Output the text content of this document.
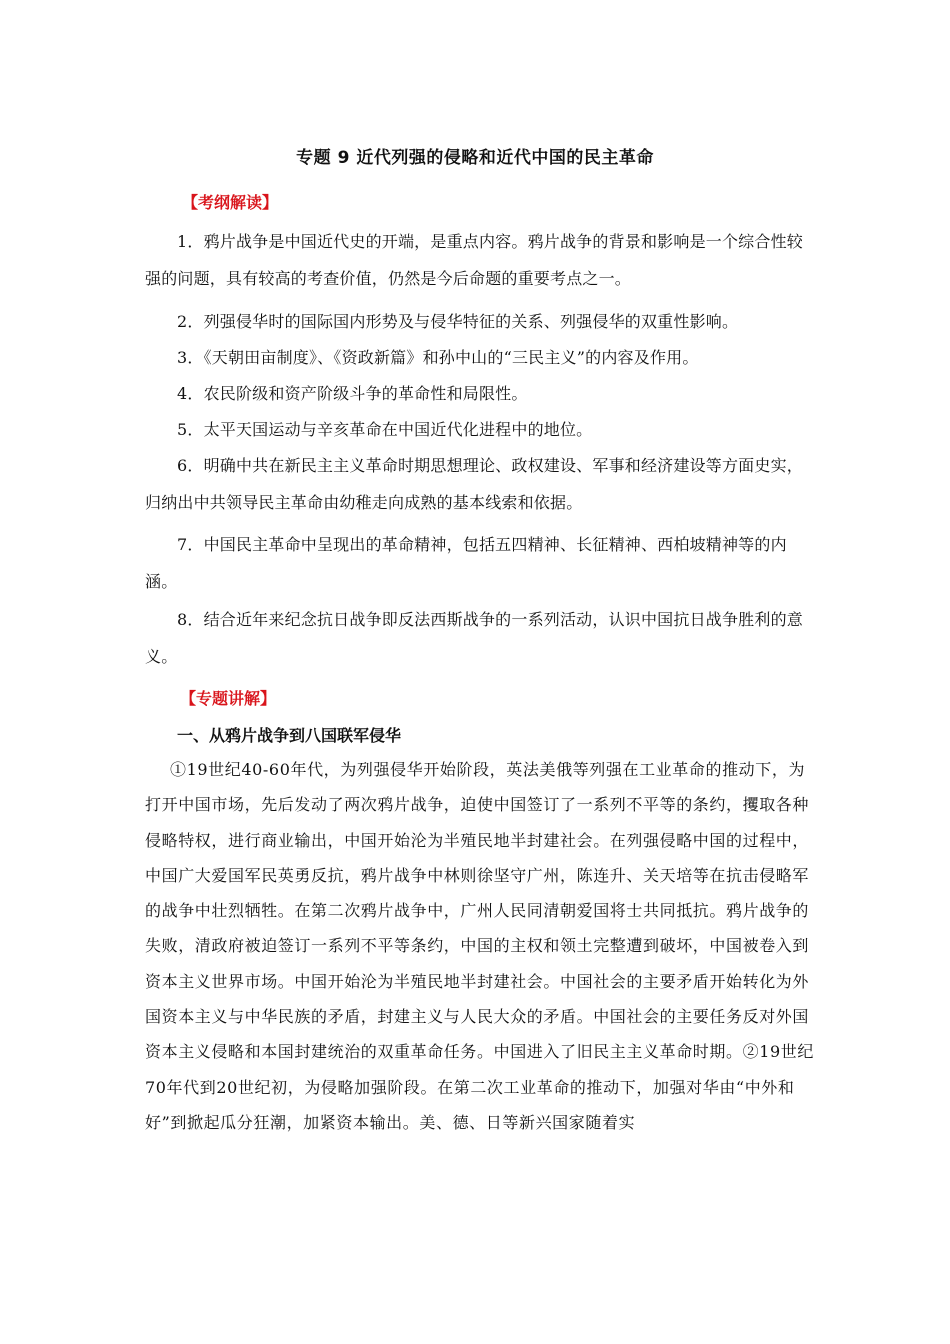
专题 9 近代列强的侵略和近代中国的民主革命
【考纲解读】
1．鸦片战争是中国近代史的开端，是重点内容。鸦片战争的背景和影响是一个综合性较强的问题，具有较高的考查价值，仍然是今后命题的重要考点之一。
2．列强侵华时的国际国内形势及与侵华特征的关系、列强侵华的双重性影响。
3．《天朝田亩制度》、《资政新篇》和孙中山的“三民主义”的内容及作用。
4．农民阶级和资产阶级斗争的革命性和局限性。
5．太平天国运动与辛亥革命在中国近代化进程中的地位。
6．明确中共在新民主主义革命时期思想理论、政权建设、军事和经济建设等方面史实，归纳出中共领导民主革命由幼稚走向成熟的基本线索和依据。
7．中国民主革命中呈现出的革命精神，包括五四精神、长征精神、西柏坡精神等的内涵。
8．结合近年来纪念抗日战争即反法西斯战争的一系列活动，认识中国抗日战争胜利的意义。
【专题讲解】
一、从鸦片战争到八国联军侵华
①19世纪40-60年代，为列强侵华开始阶段，英法美俄等列强在工业革命的推动下，为打开中国市场，先后发动了两次鸦片战争，迫使中国签订了一系列不平等的条约，攫取各种侵略特权，进行商业输出，中国开始沦为半殖民地半封建社会。在列强侵略中国的过程中，中国广大爱国军民英勇反抗，鸦片战争中林则徐坚守广州，陈连升、关天培等在抗击侵略军的战争中壮烈牺牲。在第二次鸦片战争中，广州人民同清朝爱国将士共同抵抗。鸦片战争的失败，清政府被迫签订一系列不平等条约，中国的主权和领土完整遭到破坏，中国被卷入到资本主义世界市场。中国开始沦为半殖民地半封建社会。中国社会的主要矛盾开始转化为外国资本主义与中华民族的矛盾，封建主义与人民大众的矛盾。中国社会的主要任务反对外国资本主义侵略和本国封建统治的双重革命任务。中国进入了旧民主主义革命时期。②19世纪70年代到20世纪初，为侵略加强阶段。在第二次工业革命的推动下，加强对华由“中外和好”到掀起瓜分狂潮，加紧资本输出。美、德、日等新兴国家随着实
